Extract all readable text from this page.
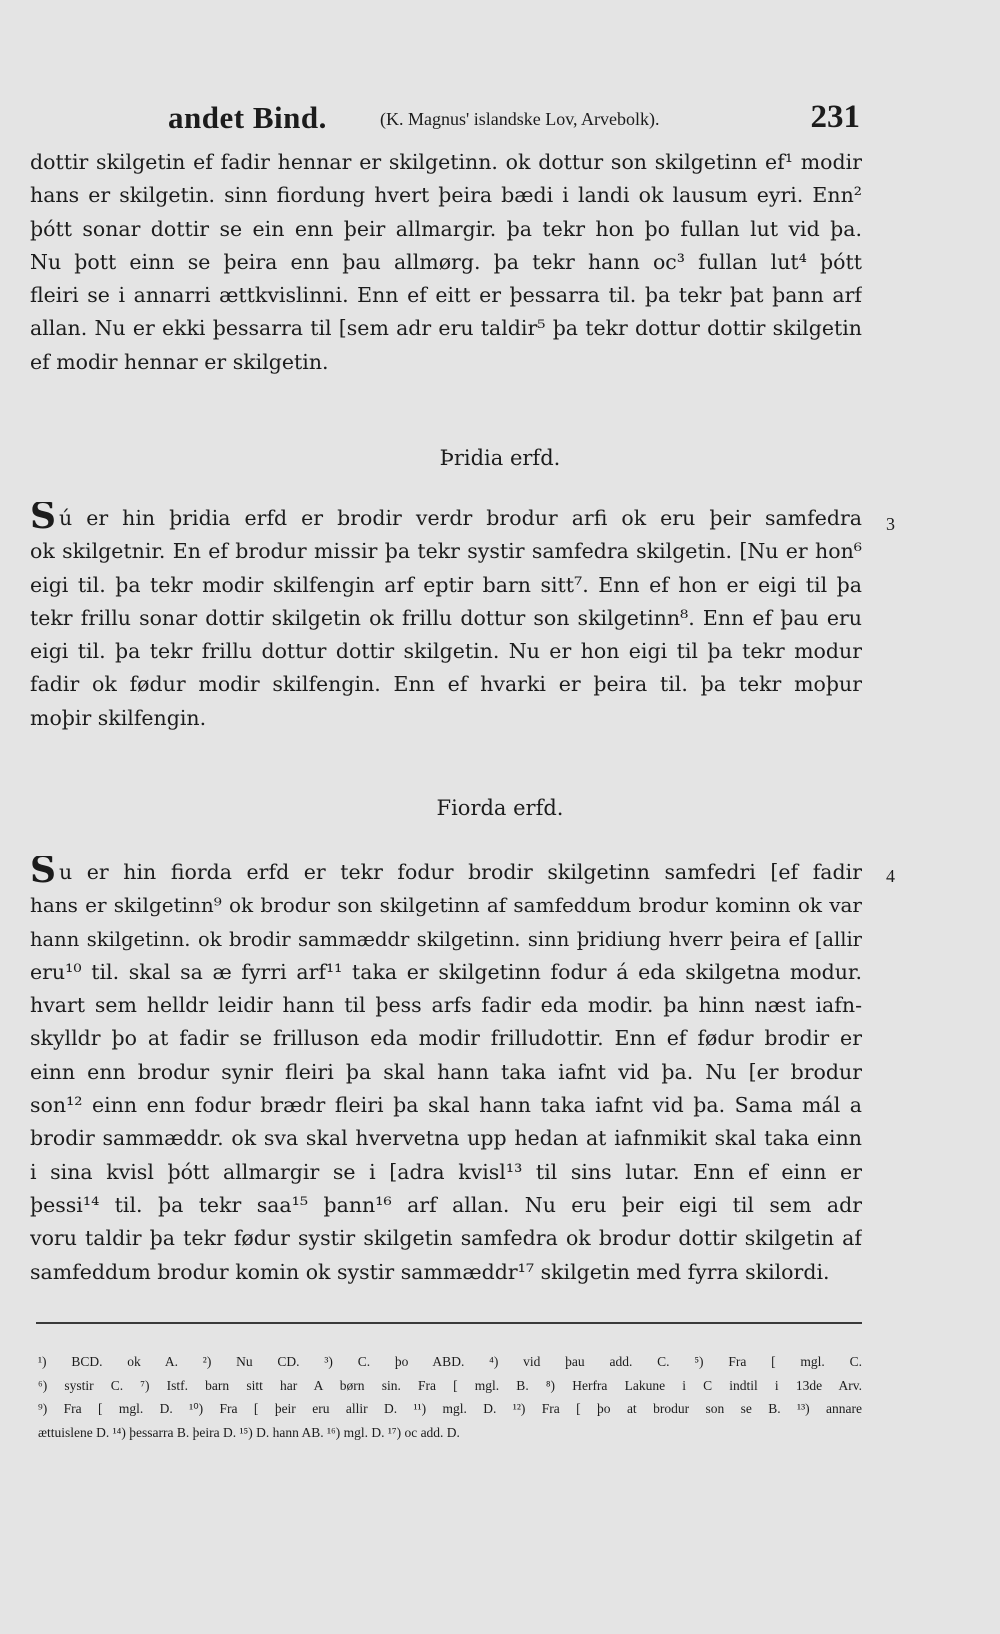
andet Bind.	(K. Magnus' islandske Lov, Arvebolk).	231
dottir skilgetin ef fadir hennar er skilgetinn. ok dottur son skilgetinn ef¹ modir
hans er skilgetin. sinn fiordung hvert þeira bædi i landi ok lausum eyri. Enn²
þótt sonar dottir se ein enn þeir allmargir. þa tekr hon þo fullan lut vid þa.
Nu þott einn se þeira enn þau allmørg. þa tekr hann oc³ fullan lut⁴ þótt
fleiri se i annarri ættkvislinni. Enn ef eitt er þessarra til. þa tekr þat þann arf
allan. Nu er ekki þessarra til [sem adr eru taldir⁵ þa tekr dottur dottir skilgetin
ef modir hennar er skilgetin.
Þridia erfd.
3
Sú er hin þridia erfd er brodir verdr brodur arfi ok eru þeir samfedra
ok skilgetnir. En ef brodur missir þa tekr systir samfedra skilgetin. [Nu er hon⁶
eigi til. þa tekr modir skilfengin arf eptir barn sitt⁷. Enn ef hon er eigi til þa
tekr frillu sonar dottir skilgetin ok frillu dottur son skilgetinn⁸. Enn ef þau eru
eigi til. þa tekr frillu dottur dottir skilgetin. Nu er hon eigi til þa tekr modur
fadir ok fødur modir skilfengin. Enn ef hvarki er þeira til. þa tekr moþur
moþir skilfengin.
Fiorda erfd.
4
Su er hin fiorda erfd er tekr fodur brodir skilgetinn samfedri [ef fadir
hans er skilgetinn⁹ ok brodur son skilgetinn af samfeddum brodur kominn ok var
hann skilgetinn. ok brodir sammæddr skilgetinn. sinn þridiung hverr þeira ef [allir
eru¹⁰ til. skal sa æ fyrri arf¹¹ taka er skilgetinn fodur á eda skilgetna modur.
hvart sem helldr leidir hann til þess arfs fadir eda modir. þa hinn næst iafn-
skylldr þo at fadir se frilluson eda modir frilludottir. Enn ef fødur brodir er
einn enn brodur synir fleiri þa skal hann taka iafnt vid þa. Nu [er brodur
son¹² einn enn fodur brædr fleiri þa skal hann taka iafnt vid þa. Sama mál a
brodir sammæddr. ok sva skal hvervetna upp hedan at iafnmikit skal taka einn
i sina kvisl þótt allmargir se i [adra kvisl¹³ til sins lutar. Enn ef einn er
þessi¹⁴ til. þa tekr saa¹⁵ þann¹⁶ arf allan. Nu eru þeir eigi til sem adr
voru taldir þa tekr fødur systir skilgetin samfedra ok brodur dottir skilgetin af
samfeddum brodur komin ok systir sammæddr¹⁷ skilgetin med fyrra skilordi.
¹) BCD. ok A. ²) Nu CD. ³) C. þo ABD. ⁴) vid þau add. C. ⁵) Fra [ mgl. C.
⁶) systir C. ⁷) Istf. barn sitt har A børn sin. Fra [ mgl. B. ⁸) Herfra Lakune i C indtil i 13de Arv.
⁹) Fra [ mgl. D. ¹⁰) Fra [ þeir eru allir D. ¹¹) mgl. D. ¹²) Fra [ þo at brodur son se B. ¹³) annare
ættuislene D. ¹⁴) þessarra B. þeira D. ¹⁵) D. hann AB. ¹⁶) mgl. D. ¹⁷) oc add. D.
